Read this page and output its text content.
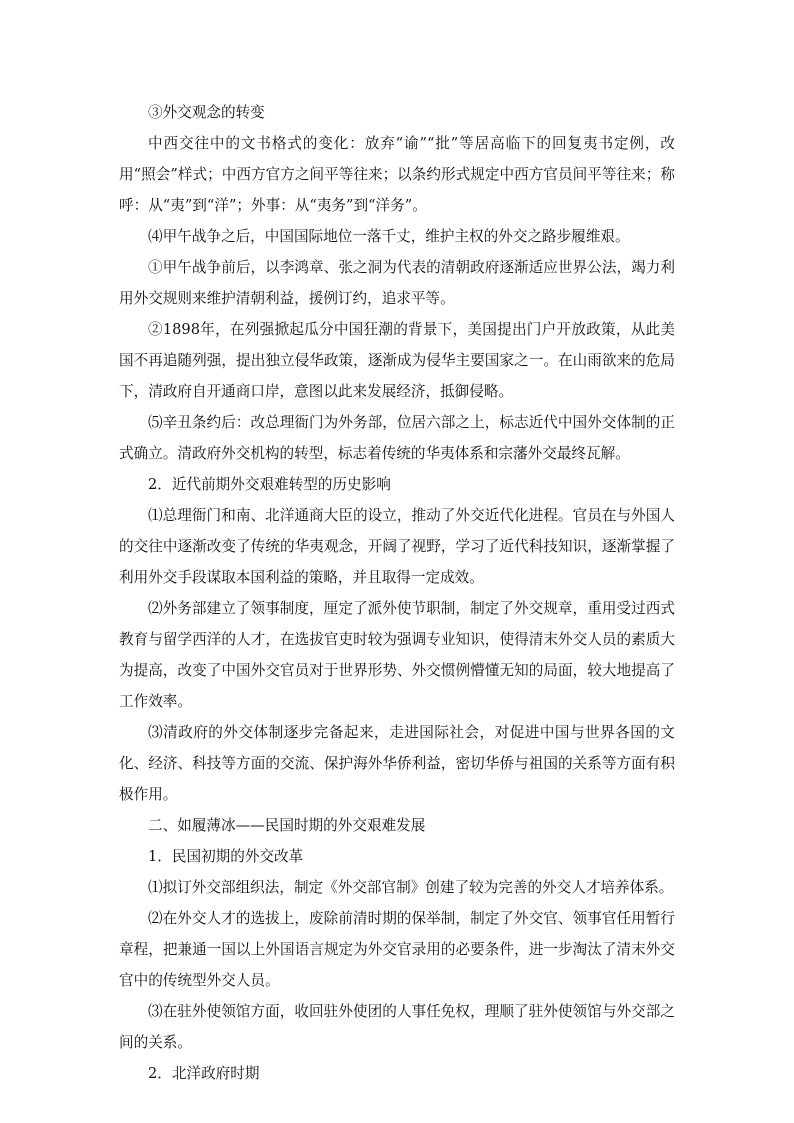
③外交观念的转变

中西交往中的文书格式的变化：放弃“谕”“批”等居高临下的回复夷书定例，改用“照会”样式；中西方官方之间平等往来；以条约形式规定中西方官员间平等往来；称呼：从“夷”到“洋”；外事：从“夷务”到“洋务”。

⑷甲午战争之后，中国国际地位一落千丈，维护主权的外交之路步履维艰。

①甲午战争前后，以李鸿章、张之洞为代表的清朝政府逐渐适应世界公法，竭力利用外交规则来维护清朝利益，援例订约，追求平等。

②1898年，在列强掀起瓜分中国狂潮的背景下，美国提出门户开放政策，从此美国不再追随列强，提出独立侵华政策，逐渐成为侵华主要国家之一。在山雨欲来的危局下，清政府自开通商口岸，意图以此来发展经济，抵御侵略。

⑸辛丑条约后：改总理衙门为外务部，位居六部之上，标志近代中国外交体制的正式确立。清政府外交机构的转型，标志着传统的华夷体系和宗藩外交最终瓦解。

2．近代前期外交艰难转型的历史影响

⑴总理衙门和南、北洋通商大臣的设立，推动了外交近代化进程。官员在与外国人的交往中逐渐改变了传统的华夷观念，开阔了视野，学习了近代科技知识，逐渐掌握了利用外交手段谋取本国利益的策略，并且取得一定成效。

⑵外务部建立了领事制度，厘定了派外使节职制，制定了外交规章，重用受过西式教育与留学西洋的人才，在选拔官吏时较为强调专业知识，使得清末外交人员的素质大为提高，改变了中国外交官员对于世界形势、外交惯例懵懂无知的局面，较大地提高了工作效率。

⑶清政府的外交体制逐步完备起来，走进国际社会，对促进中国与世界各国的文化、经济、科技等方面的交流、保护海外华侨利益，密切华侨与祖国的关系等方面有积极作用。

二、如履薄冰——民国时期的外交艰难发展

1．民国初期的外交改革

⑴拟订外交部组织法，制定《外交部官制》创建了较为完善的外交人才培养体系。

⑵在外交人才的选拔上，废除前清时期的保举制，制定了外交官、领事官任用暂行章程，把兼通一国以上外国语言规定为外交官录用的必要条件，进一步淘汰了清末外交官中的传统型外交人员。

⑶在驻外使领馆方面，收回驻外使团的人事任免权，理顺了驻外使领馆与外交部之间的关系。

2．北洋政府时期
